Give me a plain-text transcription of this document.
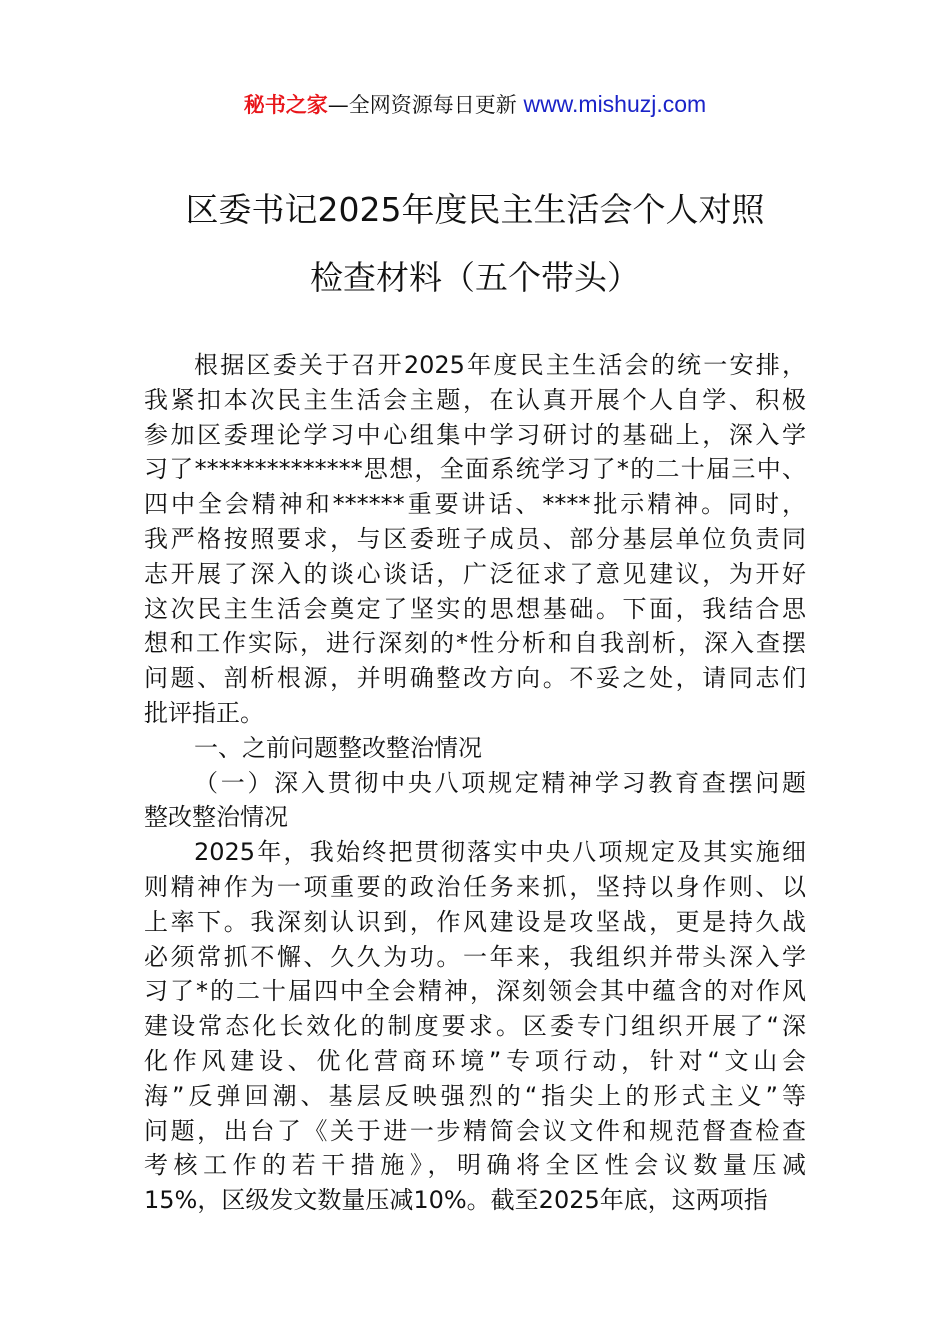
秘书之家—全网资源每日更新 www.mishuzj.com
区委书记2025年度民主生活会个人对照
检查材料（五个带头）
根据区委关于召开2025年度民主生活会的统一安排，
我紧扣本次民主生活会主题，在认真开展个人自学、积极
参加区委理论学习中心组集中学习研讨的基础上，深入学
习了**************思想，全面系统学习了*的二十届三中、
四中全会精神和******重要讲话、****批示精神。同时，
我严格按照要求，与区委班子成员、部分基层单位负责同
志开展了深入的谈心谈话，广泛征求了意见建议，为开好
这次民主生活会奠定了坚实的思想基础。下面，我结合思
想和工作实际，进行深刻的*性分析和自我剖析，深入查摆
问题、剖析根源，并明确整改方向。不妥之处，请同志们
批评指正。
一、之前问题整改整治情况
（一）深入贯彻中央八项规定精神学习教育查摆问题
整改整治情况
2025年，我始终把贯彻落实中央八项规定及其实施细
则精神作为一项重要的政治任务来抓，坚持以身作则、以
上率下。我深刻认识到，作风建设是攻坚战，更是持久战
必须常抓不懈、久久为功。一年来，我组织并带头深入学
习了*的二十届四中全会精神，深刻领会其中蕴含的对作风
建设常态化长效化的制度要求。区委专门组织开展了“深
化作风建设、优化营商环境”专项行动，针对“文山会
海”反弹回潮、基层反映强烈的“指尖上的形式主义”等
问题，出台了《关于进一步精简会议文件和规范督查检查
考核工作的若干措施》，明确将全区性会议数量压减
15%，区级发文数量压减10%。截至2025年底，这两项指
